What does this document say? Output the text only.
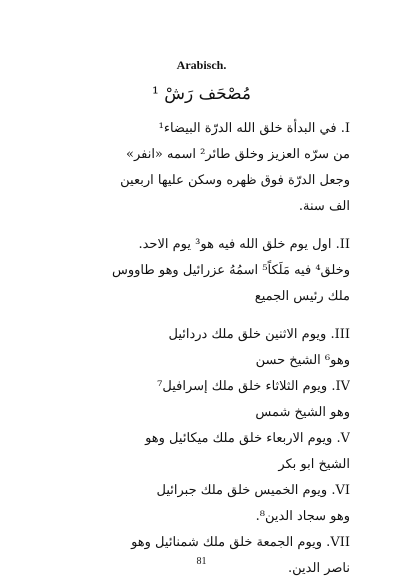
Arabisch.
مُصْحَف رَشْ ¹
I. في البدأة خلق الله الدرّة البيضاء¹
من سرّه العزيز وخلق طائر² اسمه «انفر»
وجعل الدرّة فوق ظهره وسكن عليها اربعين
الف سنة.
II. اول يوم خلق الله فيه هو³ يوم الاحد.
وخلق⁴ فيه مَلَكاً⁵ اسمُهُ عزرائيل وهو طاووس
ملك رئيس الجميع
III. ويوم الاثنين خلق ملك دردائيل
وهو⁶ الشيخ حسن
IV. ويوم الثلاثاء خلق ملك إسرافيل⁷
وهو الشيخ شمس
V. ويوم الاربعاء خلق ملك ميكائيل وهو
الشيخ ابو بكر
VI. ويوم الخميس خلق ملك جبرائيل
وهو سجاد الدين⁸.
VII. ويوم الجمعة خلق ملك شمنائيل وهو
ناصر الدين.
81
